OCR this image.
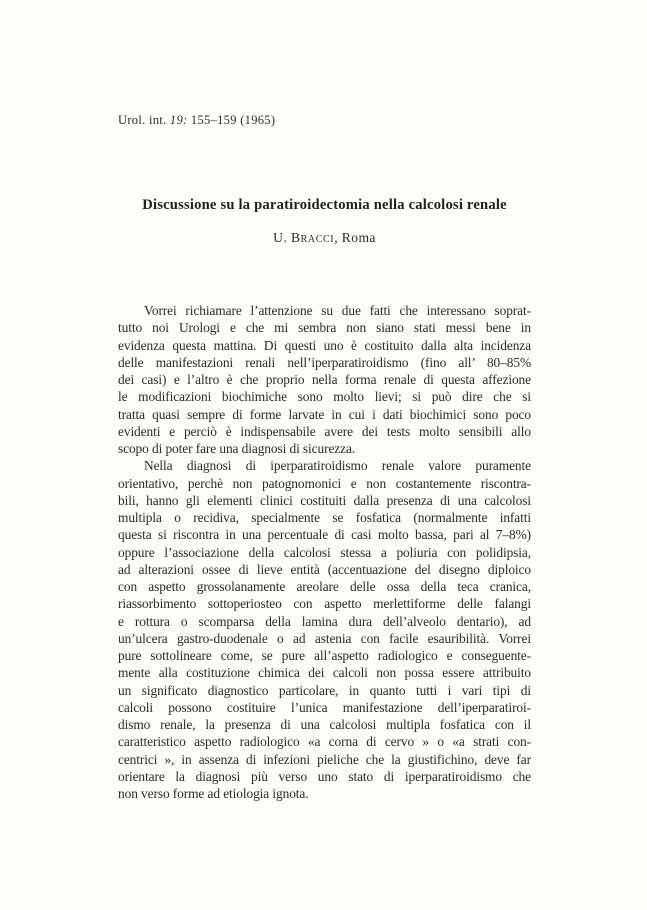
Urol. int. 19: 155–159 (1965)
Discussione su la paratiroidectomia nella calcolosi renale
U. Bracci, Roma
Vorrei richiamare l’attenzione su due fatti che interessano soprat-
tutto noi Urologi e che mi sembra non siano stati messi bene in
evidenza questa mattina. Di questi uno è costituito dalla alta incidenza
delle manifestazioni renali nell’iperparatiroidismo (fino all’ 80–85%
dei casi) e l’altro è che proprio nella forma renale di questa affezione
le modificazioni biochimiche sono molto lievi; si può dire che si
tratta quasi sempre di forme larvate in cui i dati biochimici sono poco
evidenti e perciò è indispensabile avere dei tests molto sensibili allo
scopo di poter fare una diagnosi di sicurezza.
Nella diagnosi di iperparatiroidismo renale valore puramente
orientativo, perchè non patognomonici e non costantemente riscontra-
bili, hanno gli elementi clinici costituiti dalla presenza di una calcolosi
multipla o recidiva, specialmente se fosfatica (normalmente infatti
questa si riscontra in una percentuale di casi molto bassa, pari al 7–8%)
oppure l’associazione della calcolosi stessa a poliuria con polidipsia,
ad alterazioni ossee di lieve entità (accentuazione del disegno diploico
con aspetto grossolanamente areolare delle ossa della teca cranica,
riassorbimento sottoperiosteo con aspetto merlettiforme delle falangi
e rottura o scomparsa della lamina dura dell’alveolo dentario), ad
un’ulcera gastro-duodenale o ad astenia con facile esauribilità. Vorrei
pure sottolineare come, se pure all’aspetto radiologico e conseguente-
mente alla costituzione chimica dei calcoli non possa essere attribuito
un significato diagnostico particolare, in quanto tutti i vari tipi di
calcoli possono costituire l’unica manifestazione dell’iperparatiroi-
dismo renale, la presenza di una calcolosi multipla fosfatica con il
caratteristico aspetto radiologico «a corna di cervo » o «a strati con-
centrici », in assenza di infezioni pieliche che la giustifichino, deve far
orientare la diagnosi più verso uno stato di iperparatiroidismo che
non verso forme ad etiologia ignota.
